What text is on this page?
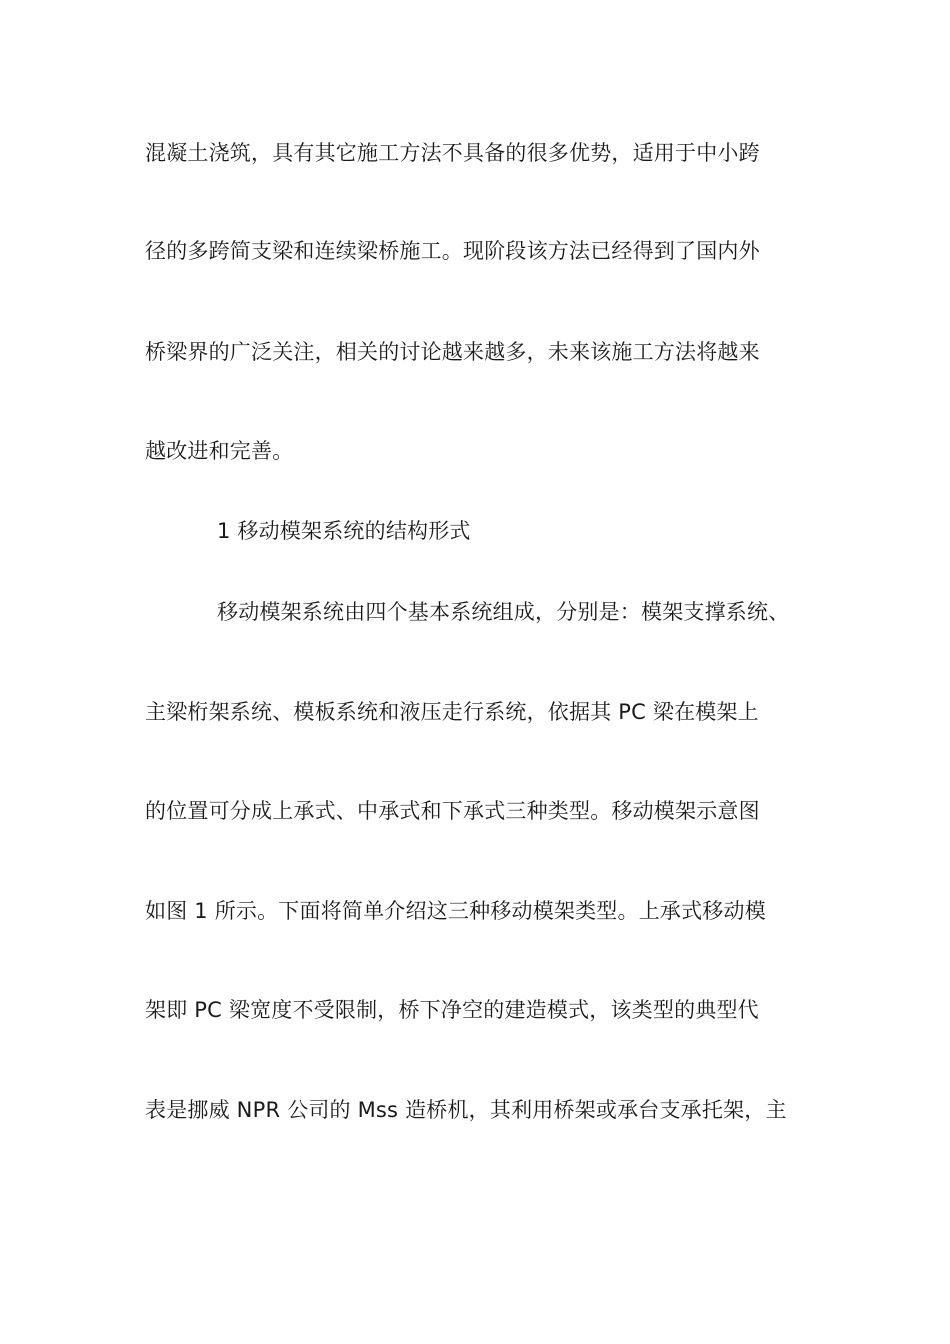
混凝土浇筑，具有其它施工方法不具备的很多优势，适用于中小跨
径的多跨简支梁和连续梁桥施工。现阶段该方法已经得到了国内外
桥梁界的广泛关注，相关的讨论越来越多，未来该施工方法将越来
越改进和完善。
1 移动模架系统的结构形式
移动模架系统由四个基本系统组成，分别是：模架支撑系统、
主梁桁架系统、模板系统和液压走行系统，依据其 PC 梁在模架上
的位置可分成上承式、中承式和下承式三种类型。移动模架示意图
如图 1 所示。下面将简单介绍这三种移动模架类型。上承式移动模
架即 PC 梁宽度不受限制，桥下净空的建造模式，该类型的典型代
表是挪威 NPR 公司的 Mss 造桥机，其利用桥架或承台支承托架，主
